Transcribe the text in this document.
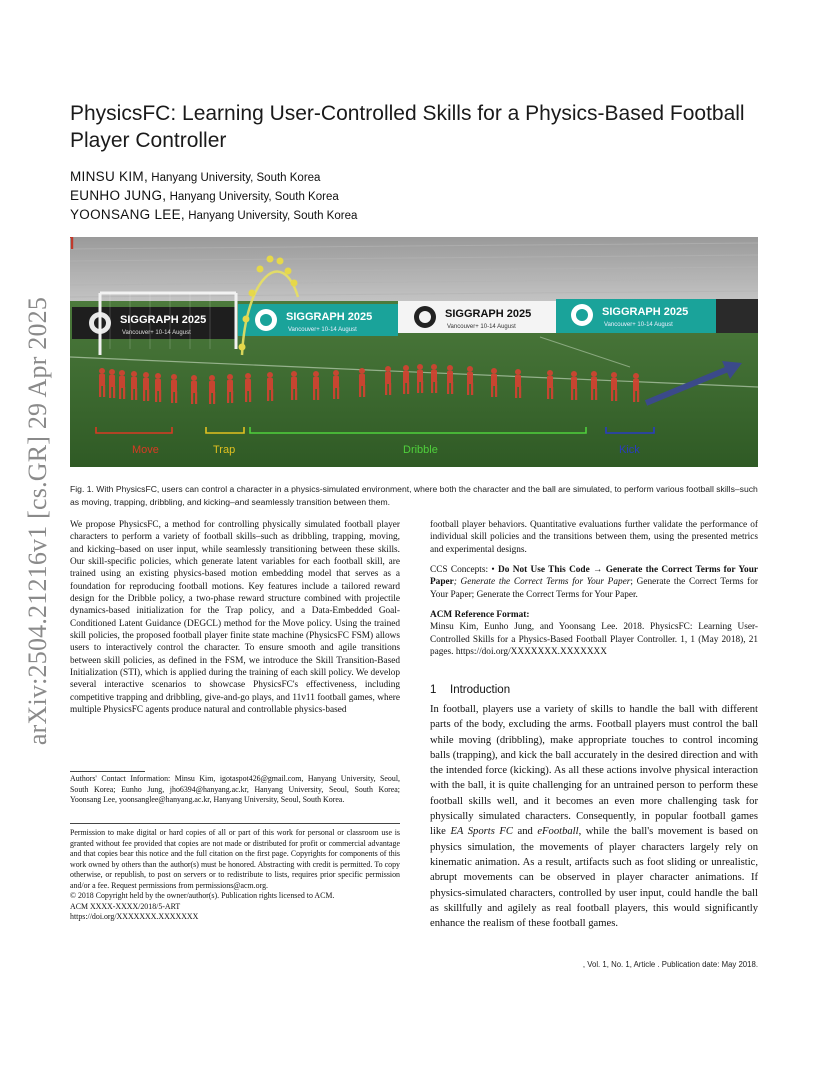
arXiv:2504.21216v1 [cs.GR] 29 Apr 2025
PhysicsFC: Learning User-Controlled Skills for a Physics-Based Football Player Controller

MINSU KIM, Hanyang University, South Korea

EUNHO JUNG, Hanyang University, South Korea

YOONSANG LEE, Hanyang University, South Korea

SIGGRAPH 2025
Vancouver+ 10-14 August
SIGGRAPH 2025
Vancouver+ 10-14 August
SIGGRAPH 2025
Vancouver+ 10-14 August
SIGGRAPH 2025
Vancouver+ 10-14 August
Move	Trap	Dribble	Kick
Fig. 1. With PhysicsFC, users can control a character in a physics-simulated environment, where both the character and the ball are simulated, to perform various football skills–such as moving, trapping, dribbling, and kicking–and seamlessly transition between them.

We propose PhysicsFC, a method for controlling physically simulated football player characters to perform a variety of football skills–such as dribbling, trapping, moving, and kicking–based on user input, while seamlessly transitioning between these skills. Our skill-specific policies, which generate latent variables for each football skill, are trained using an existing physics-based motion embedding model that serves as a foundation for reproducing football motions. Key features include a tailored reward design for the Dribble policy, a two-phase reward structure combined with projectile dynamics-based initialization for the Trap policy, and a Data-Embedded Goal-Conditioned Latent Guidance (DEGCL) method for the Move policy. Using the trained skill policies, the proposed football player finite state machine (PhysicsFC FSM) allows users to interactively control the character. To ensure smooth and agile transitions between skill policies, as defined in the FSM, we introduce the Skill Transition-Based Initialization (STI), which is applied during the training of each skill policy. We develop several interactive scenarios to showcase PhysicsFC's effectiveness, including competitive trapping and dribbling, give-and-go plays, and 11v11 football games, where multiple PhysicsFC agents produce natural and controllable physics-based

Authors' Contact Information: Minsu Kim, igotaspot426@gmail.com, Hanyang University, Seoul, South Korea; Eunho Jung, jho6394@hanyang.ac.kr, Hanyang University, Seoul, South Korea; Yoonsang Lee, yoonsanglee@hanyang.ac.kr, Hanyang University, Seoul, South Korea.
Permission to make digital or hard copies of all or part of this work for personal or classroom use is granted without fee provided that copies are not made or distributed for profit or commercial advantage and that copies bear this notice and the full citation on the first page. Copyrights for components of this work owned by others than the author(s) must be honored. Abstracting with credit is permitted. To copy otherwise, or republish, to post on servers or to redistribute to lists, requires prior specific permission and/or a fee. Request permissions from permissions@acm.org.
© 2018 Copyright held by the owner/author(s). Publication rights licensed to ACM.
ACM XXXX-XXXX/2018/5-ART
https://doi.org/XXXXXXX.XXXXXXX

football player behaviors. Quantitative evaluations further validate the performance of individual skill policies and the transitions between them, using the presented metrics and experimental designs.

CCS Concepts: • Do Not Use This Code → Generate the Correct Terms for Your Paper; Generate the Correct Terms for Your Paper; Generate the Correct Terms for Your Paper; Generate the Correct Terms for Your Paper.

ACM Reference Format:

Minsu Kim, Eunho Jung, and Yoonsang Lee. 2018. PhysicsFC: Learning User-Controlled Skills for a Physics-Based Football Player Controller. 1, 1 (May 2018), 21 pages. https://doi.org/XXXXXXX.XXXXXXX

1 Introduction
In football, players use a variety of skills to handle the ball with different parts of the body, excluding the arms. Football players must control the ball while moving (dribbling), make appropriate touches to control incoming balls (trapping), and kick the ball accurately in the desired direction and with the intended force (kicking). As all these actions involve physical interaction with the ball, it is quite challenging for an untrained person to perform these football skills well, and it becomes an even more challenging task for physically simulated characters. Consequently, in popular football games like EA Sports FC and eFootball, while the ball's movement is based on physics simulation, the movements of player characters largely rely on kinematic animation. As a result, artifacts such as foot sliding or unrealistic, abrupt movements can be observed in player character animations. If physics-simulated characters, controlled by user input, could handle the ball as skillfully and agilely as real football players, this would significantly enhance the realism of these football games.
, Vol. 1, No. 1, Article . Publication date: May 2018.
